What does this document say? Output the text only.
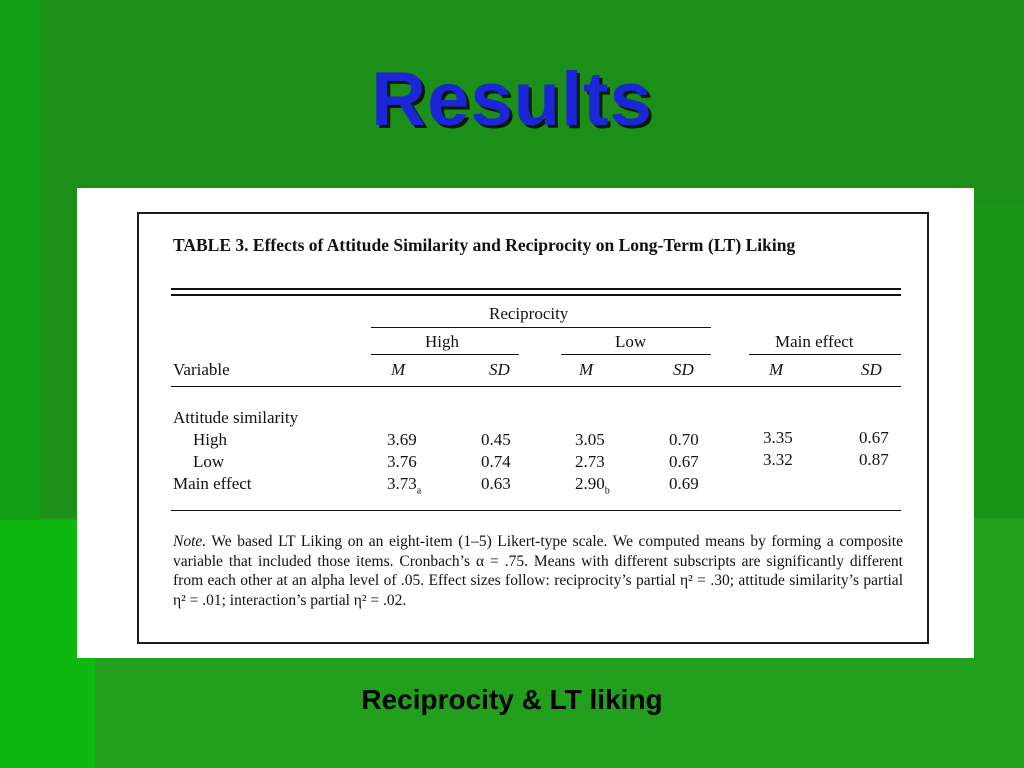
Results
TABLE 3. Effects of Attitude Similarity and Reciprocity on Long-Term (LT) Liking
Reciprocity
High	Low	Main effect
Variable	M	SD	M	SD	M	SD
Attitude similarity
High	3.69	0.45	3.05	0.70	3.35	0.67
Low	3.76	0.74	2.73	0.67	3.32	0.87
Main effect	$3.73_a$	0.63	$2.90_b$	0.69
Note. We based LT Liking on an eight-item (1–5) Likert-type scale. We computed means by forming a composite variable that included those items. Cronbach’s α = .75. Means with different subscripts are significantly different from each other at an alpha level of .05. Effect sizes follow: reciprocity’s partial η² = .30; attitude similarity’s partial η² = .01; interaction’s partial η² = .02.
Reciprocity & LT liking
